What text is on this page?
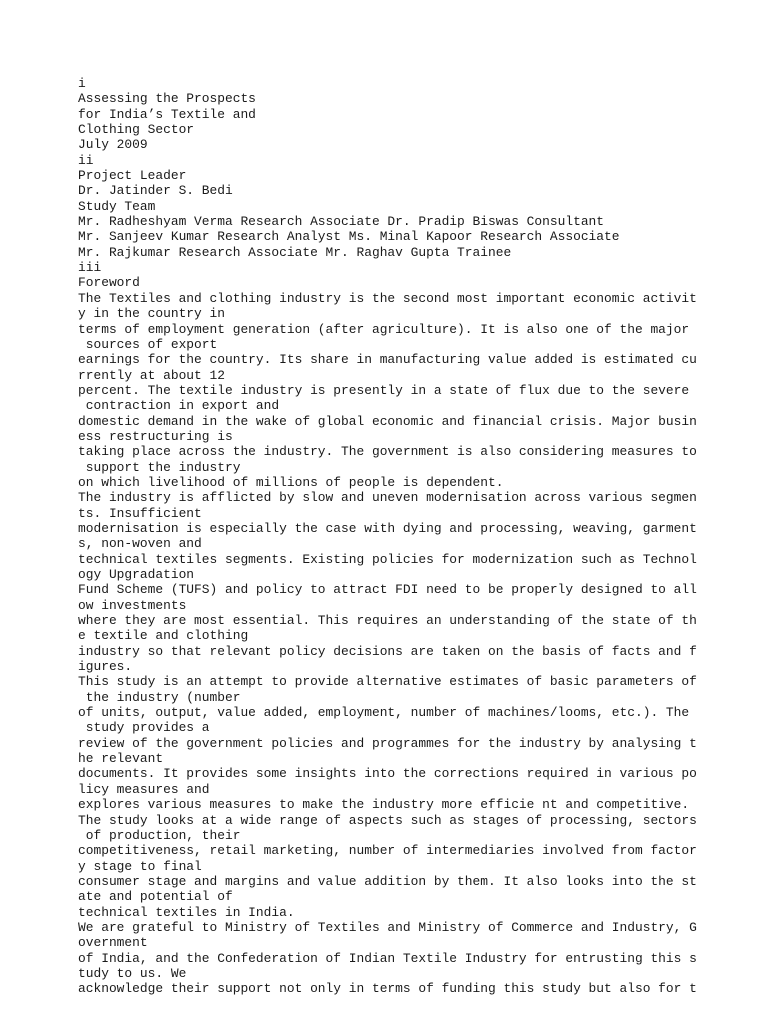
i
Assessing the Prospects
for India’s Textile and
Clothing Sector
July 2009
ii
Project Leader
Dr. Jatinder S. Bedi
Study Team
Mr. Radheshyam Verma Research Associate Dr. Pradip Biswas Consultant
Mr. Sanjeev Kumar Research Analyst Ms. Minal Kapoor Research Associate
Mr. Rajkumar Research Associate Mr. Raghav Gupta Trainee
iii
Foreword
The Textiles and clothing industry is the second most important economic activit
y in the country in
terms of employment generation (after agriculture). It is also one of the major
sources of export
earnings for the country. Its share in manufacturing value added is estimated cu
rrently at about 12
percent. The textile industry is presently in a state of flux due to the severe
contraction in export and
domestic demand in the wake of global economic and financial crisis. Major busin
ess restructuring is
taking place across the industry. The government is also considering measures to
support the industry
on which livelihood of millions of people is dependent.
The industry is afflicted by slow and uneven modernisation across various segmen
ts. Insufficient
modernisation is especially the case with dying and processing, weaving, garment
s, non-woven and
technical textiles segments. Existing policies for modernization such as Technol
ogy Upgradation
Fund Scheme (TUFS) and policy to attract FDI need to be properly designed to all
ow investments
where they are most essential. This requires an understanding of the state of th
e textile and clothing
industry so that relevant policy decisions are taken on the basis of facts and f
igures.
This study is an attempt to provide alternative estimates of basic parameters of
the industry (number
of units, output, value added, employment, number of machines/looms, etc.). The
study provides a
review of the government policies and programmes for the industry by analysing t
he relevant
documents. It provides some insights into the corrections required in various po
licy measures and
explores various measures to make the industry more efficie nt and competitive.
The study looks at a wide range of aspects such as stages of processing, sectors
of production, their
competitiveness, retail marketing, number of intermediaries involved from factor
y stage to final
consumer stage and margins and value addition by them. It also looks into the st
ate and potential of
technical textiles in India.
We are grateful to Ministry of Textiles and Ministry of Commerce and Industry, G
overnment
of India, and the Confederation of Indian Textile Industry for entrusting this s
tudy to us. We
acknowledge their support not only in terms of funding this study but also for t
